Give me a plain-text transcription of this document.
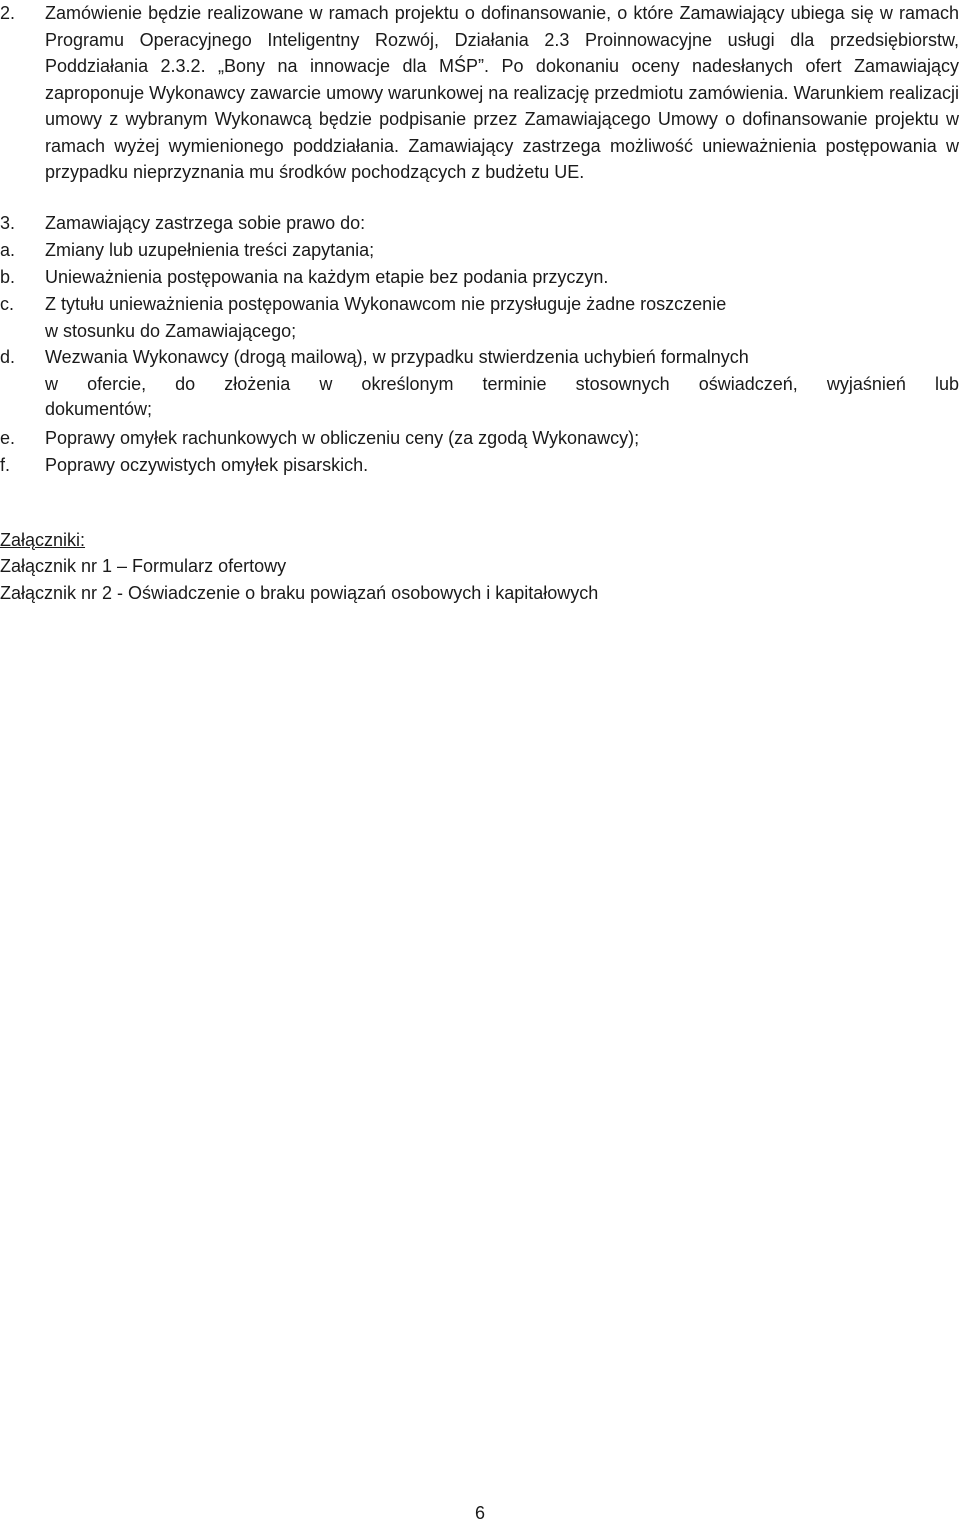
2. Zamówienie będzie realizowane w ramach projektu o dofinansowanie, o które Zamawiający ubiega się w ramach Programu Operacyjnego Inteligentny Rozwój, Działania 2.3 Proinnowacyjne usługi dla przedsiębiorstw, Poddziałania 2.3.2. „Bony na innowacje dla MŚP”. Po dokonaniu oceny nadesłanych ofert Zamawiający zaproponuje Wykonawcy zawarcie umowy warunkowej na realizację przedmiotu zamówienia. Warunkiem realizacji umowy z wybranym Wykonawcą będzie podpisanie przez Zamawiającego Umowy o dofinansowanie projektu w ramach wyżej wymienionego poddziałania. Zamawiający zastrzega możliwość unieważnienia postępowania w przypadku nieprzyznania mu środków pochodzących z budżetu UE.
3. Zamawiający zastrzega sobie prawo do:
a. Zmiany lub uzupełnienia treści zapytania;
b. Unieważnienia postępowania na każdym etapie bez podania przyczyn.
c. Z tytułu unieważnienia postępowania Wykonawcom nie przysługuje żadne roszczenie
w stosunku do Zamawiającego;
d. Wezwania Wykonawcy (drogą mailową), w przypadku stwierdzenia uchybień formalnych
w ofercie, do złożenia w określonym terminie stosownych oświadczeń, wyjaśnień lub
dokumentów;
e. Poprawy omyłek rachunkowych w obliczeniu ceny (za zgodą Wykonawcy);
f. Poprawy oczywistych omyłek pisarskich.
Załączniki:
Załącznik nr 1 – Formularz ofertowy
Załącznik nr 2 - Oświadczenie o braku powiązań osobowych i kapitałowych
6
